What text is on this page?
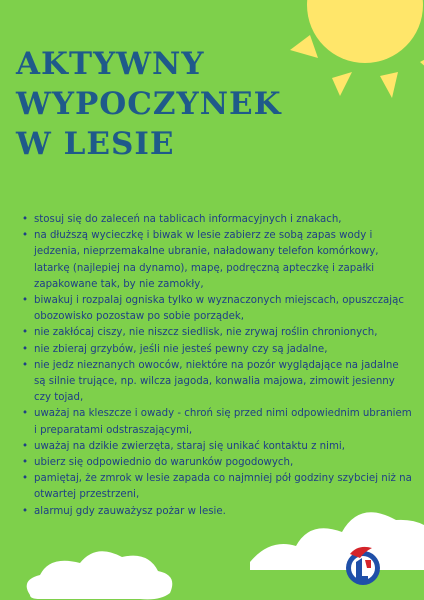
AKTYWNY
WYPOCZYNEK
W LESIE
• stosuj się do zaleceń na tablicach informacyjnych i znakach,
• na dłuższą wycieczkę i biwak w lesie zabierz ze sobą zapas wody i jedzenia, nieprzemakalne ubranie, naładowany telefon komórkowy, latarkę (najlepiej na dynamo), mapę, podręczną apteczkę i zapałki zapakowane tak, by nie zamokły,
• biwakuj i rozpalaj ogniska tylko w wyznaczonych miejscach, opuszczając obozowisko pozostaw po sobie porządek,
• nie zakłócaj ciszy, nie niszcz siedlisk, nie zrywaj roślin chronionych,
• nie zbieraj grzybów, jeśli nie jesteś pewny czy są jadalne,
• nie jedz nieznanych owoców, niektóre na pozór wyglądające na jadalne są silnie trujące, np. wilcza jagoda, konwalia majowa, zimowit jesienny czy tojad,
• uważaj na kleszcze i owady - chroń się przed nimi odpowiednim ubraniem i preparatami odstraszającymi,
• uważaj na dzikie zwierzęta, staraj się unikać kontaktu z nimi,
• ubierz się odpowiednio do warunków pogodowych,
• pamiętaj, że zmrok w lesie zapada co najmniej pół godziny szybciej niż na otwartej przestrzeni,
• alarmuj gdy zauważysz pożar w lesie.
